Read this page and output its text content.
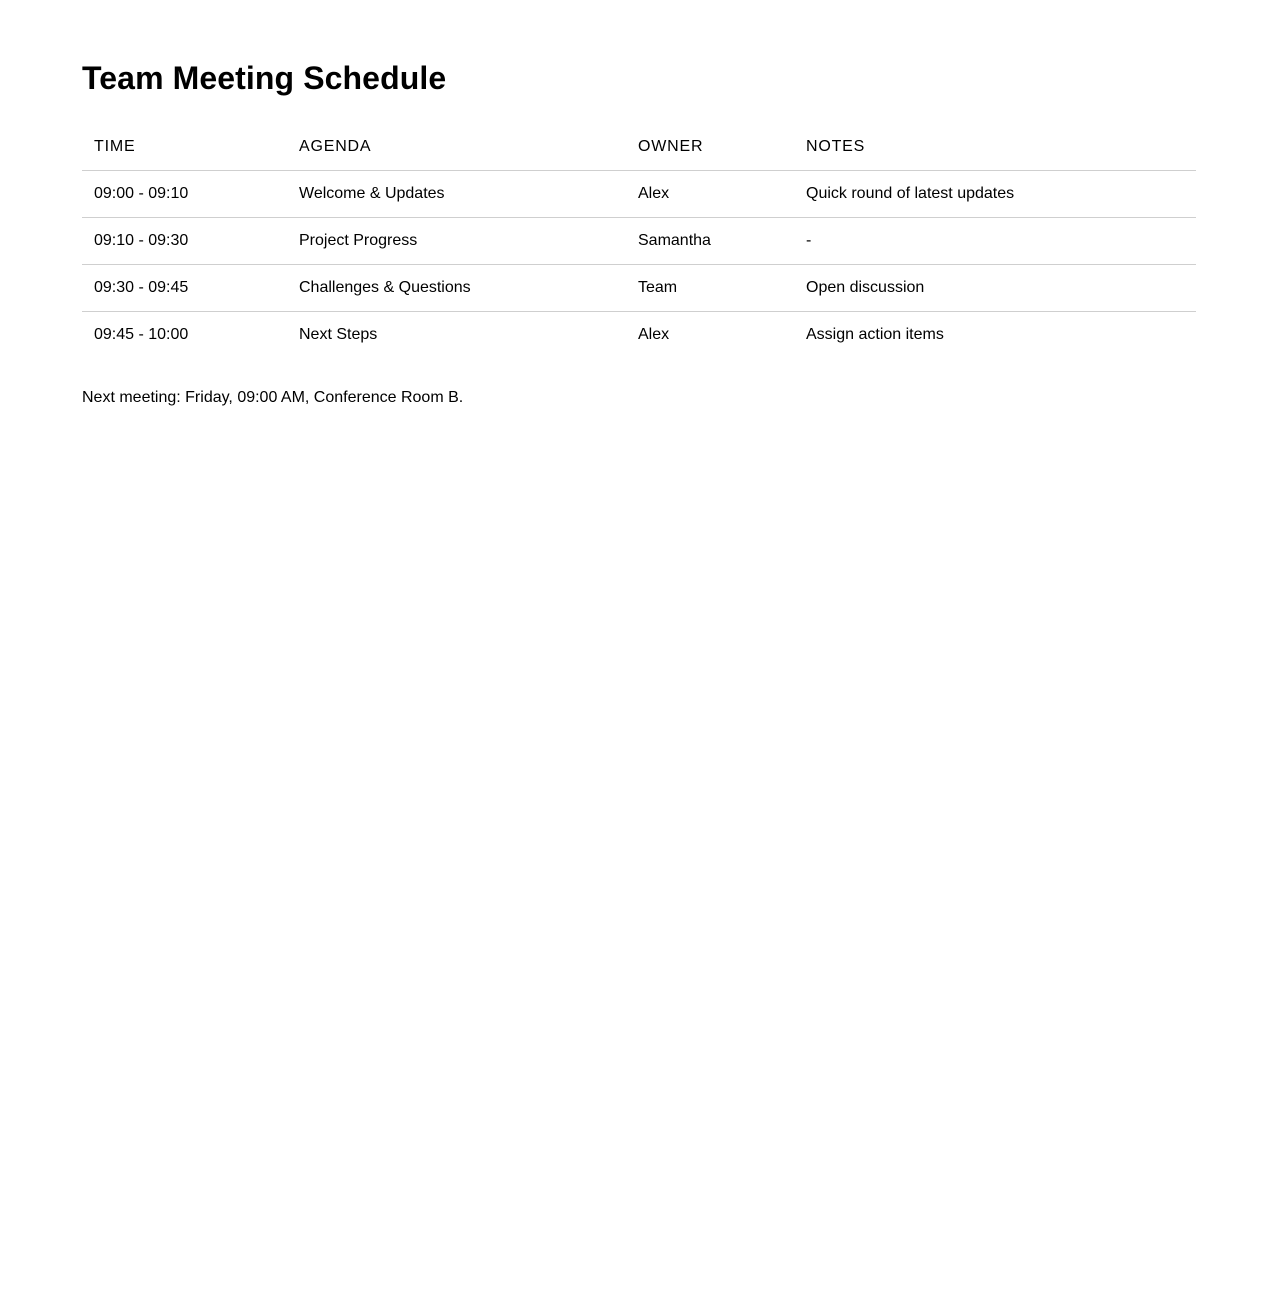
Team Meeting Schedule
TIME	AGENDA	OWNER	NOTES
09:00 - 09:10	Welcome & Updates	Alex	Quick round of latest updates
09:10 - 09:30	Project Progress	Samantha	-
09:30 - 09:45	Challenges & Questions	Team	Open discussion
09:45 - 10:00	Next Steps	Alex	Assign action items

Next meeting: Friday, 09:00 AM, Conference Room B.
